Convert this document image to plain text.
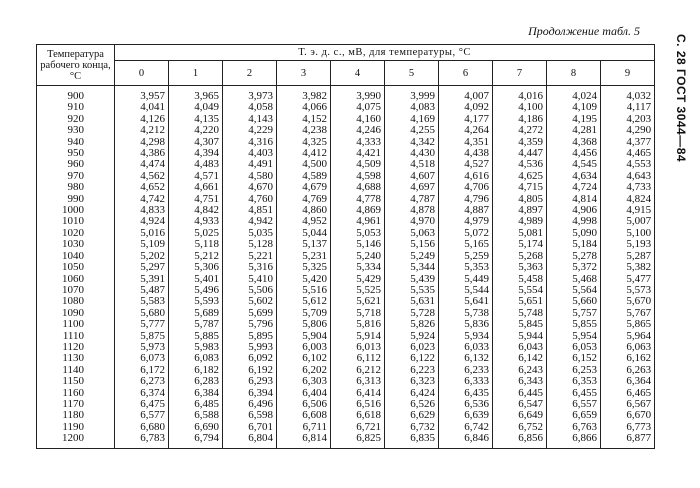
Продолжение табл. 5
С. 28 ГОСТ 3044—84
Температура рабочего конца, °C	Т. э. д. с., мВ, для температуры, °C									
	0	1	2	3	4	5	6	7	8	9
900	3,957	3,965	3,973	3,982	3,990	3,999	4,007	4,016	4,024	4,032
910	4,041	4,049	4,058	4,066	4,075	4,083	4,092	4,100	4,109	4,117
920	4,126	4,135	4,143	4,152	4,160	4,169	4,177	4,186	4,195	4,203
930	4,212	4,220	4,229	4,238	4,246	4,255	4,264	4,272	4,281	4,290
940	4,298	4,307	4,316	4,325	4,333	4,342	4,351	4,359	4,368	4,377
950	4,386	4,394	4,403	4,412	4,421	4,430	4,438	4,447	4,456	4,465
960	4,474	4,483	4,491	4,500	4,509	4,518	4,527	4,536	4,545	4,553
970	4,562	4,571	4,580	4,589	4,598	4,607	4,616	4,625	4,634	4,643
980	4,652	4,661	4,670	4,679	4,688	4,697	4,706	4,715	4,724	4,733
990	4,742	4,751	4,760	4,769	4,778	4,787	4,796	4,805	4,814	4,824
1000	4,833	4,842	4,851	4,860	4,869	4,878	4,887	4,897	4,906	4,915
1010	4,924	4,933	4,942	4,952	4,961	4,970	4,979	4,989	4,998	5,007
1020	5,016	5,025	5,035	5,044	5,053	5,063	5,072	5,081	5,090	5,100
1030	5,109	5,118	5,128	5,137	5,146	5,156	5,165	5,174	5,184	5,193
1040	5,202	5,212	5,221	5,231	5,240	5,249	5,259	5,268	5,278	5,287
1050	5,297	5,306	5,316	5,325	5,334	5,344	5,353	5,363	5,372	5,382
1060	5,391	5,401	5,410	5,420	5,429	5,439	5,449	5,458	5,468	5,477
1070	5,487	5,496	5,506	5,516	5,525	5,535	5,544	5,554	5,564	5,573
1080	5,583	5,593	5,602	5,612	5,621	5,631	5,641	5,651	5,660	5,670
1090	5,680	5,689	5,699	5,709	5,718	5,728	5,738	5,748	5,757	5,767
1100	5,777	5,787	5,796	5,806	5,816	5,826	5,836	5,845	5,855	5,865
1110	5,875	5,885	5,895	5,904	5,914	5,924	5,934	5,944	5,954	5,964
1120	5,973	5,983	5,993	6,003	6,013	6,023	6,033	6,043	6,053	6,063
1130	6,073	6,083	6,092	6,102	6,112	6,122	6,132	6,142	6,152	6,162
1140	6,172	6,182	6,192	6,202	6,212	6,223	6,233	6,243	6,253	6,263
1150	6,273	6,283	6,293	6,303	6,313	6,323	6,333	6,343	6,353	6,364
1160	6,374	6,384	6,394	6,404	6,414	6,424	6,435	6,445	6,455	6,465
1170	6,475	6,485	6,496	6,506	6,516	6,526	6,536	6,547	6,557	6,567
1180	6,577	6,588	6,598	6,608	6,618	6,629	6,639	6,649	6,659	6,670
1190	6,680	6,690	6,701	6,711	6,721	6,732	6,742	6,752	6,763	6,773
1200	6,783	6,794	6,804	6,814	6,825	6,835	6,846	6,856	6,866	6,877
